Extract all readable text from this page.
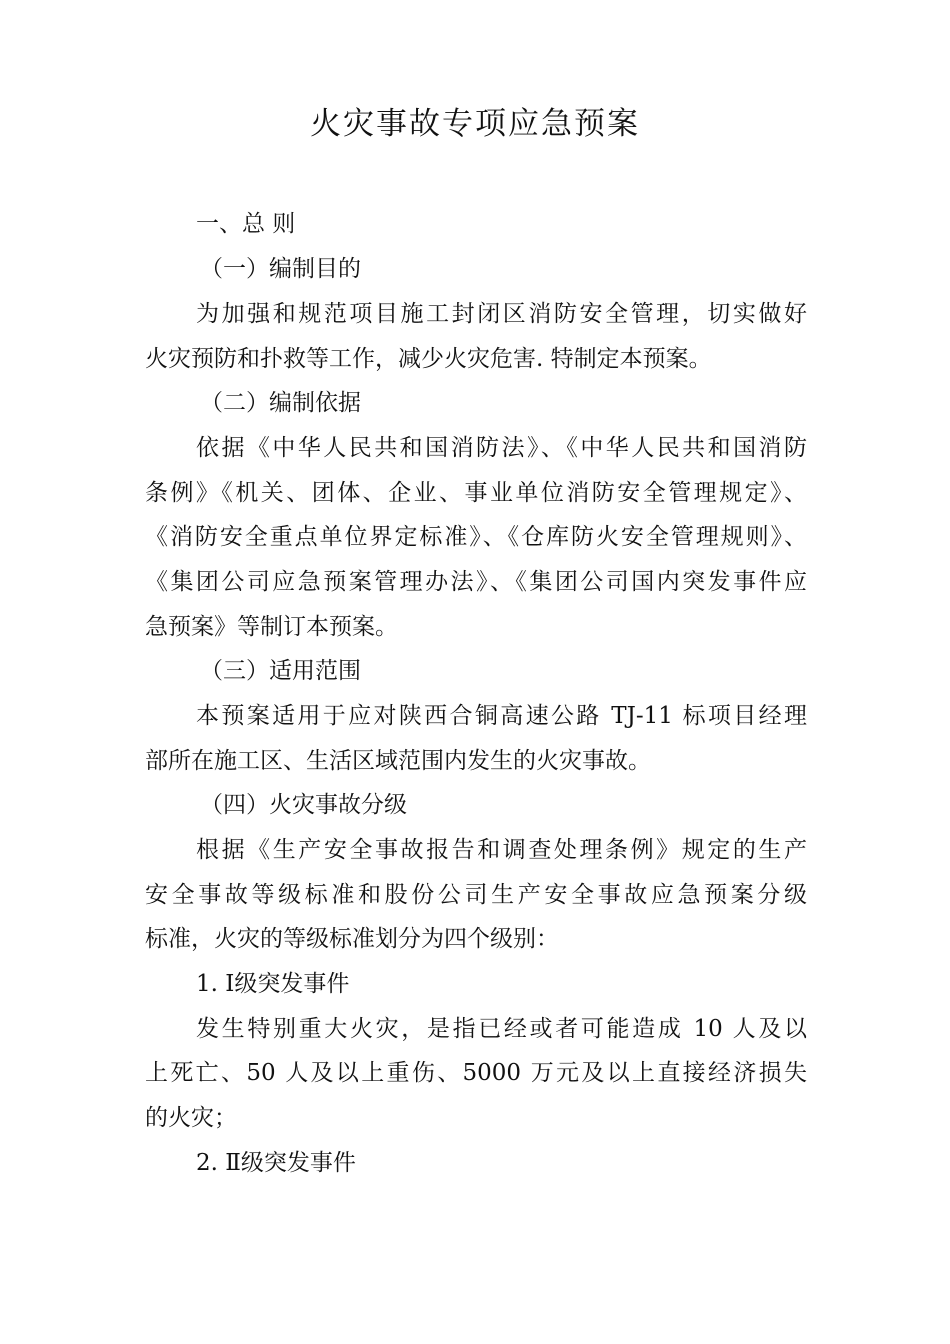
火灾事故专项应急预案
一、总 则
（一）编制目的
为加强和规范项目施工封闭区消防安全管理，切实做好
火灾预防和扑救等工作，减少火灾危害. 特制定本预案。
（二）编制依据
依据《中华人民共和国消防法》、《中华人民共和国消防
条例》《机关、团体、企业、事业单位消防安全管理规定》、
《消防安全重点单位界定标准》、《仓库防火安全管理规则》、
《集团公司应急预案管理办法》、《集团公司国内突发事件应
急预案》等制订本预案。
（三）适用范围
本预案适用于应对陕西合铜高速公路 TJ-11 标项目经理
部所在施工区、生活区域范围内发生的火灾事故。
（四）火灾事故分级
根据《生产安全事故报告和调查处理条例》规定的生产
安全事故等级标准和股份公司生产安全事故应急预案分级
标准，火灾的等级标准划分为四个级别：
1. Ⅰ级突发事件
发生特别重大火灾，是指已经或者可能造成 10 人及以
上死亡、50 人及以上重伤、5000 万元及以上直接经济损失
的火灾；
2. Ⅱ级突发事件
